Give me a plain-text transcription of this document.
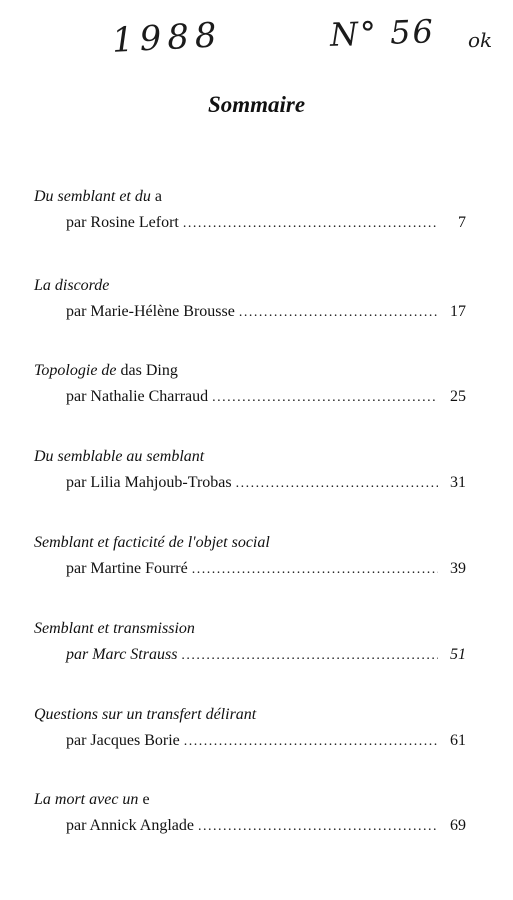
1988	N° 56 ok
Sommaire
Du semblant et du a
par Rosine Lefort . . .	7
La discorde
par Marie-Hélène Brousse . . .	17
Topologie de das Ding
par Nathalie Charraud . . .	25
Du semblable au semblant
par Lilia Mahjoub-Trobas . . .	31
Semblant et facticité de l'objet social
par Martine Fourré . . .	39
Semblant et transmission
par Marc Strauss . . .	51
Questions sur un transfert délirant
par Jacques Borie . . .	61
La mort avec un e
par Annick Anglade . . .	69
